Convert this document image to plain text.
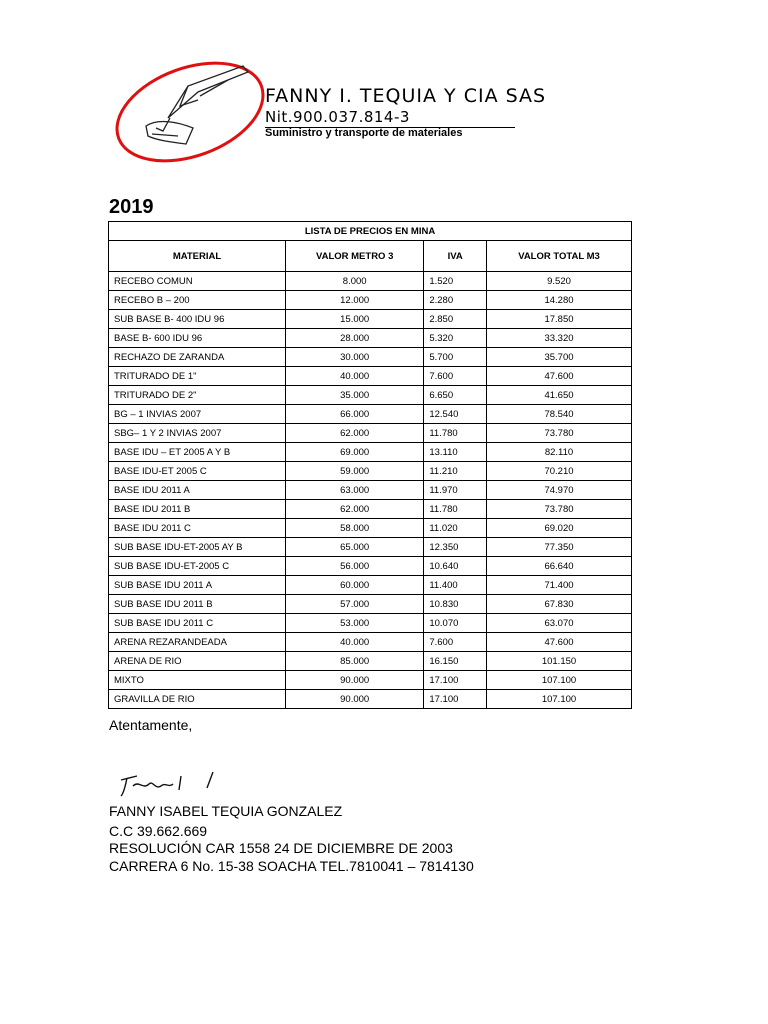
FANNY I. TEQUIA Y CIA SAS
Nit.900.037.814-3
Suministro y transporte de materiales
2019
LISTA DE PRECIOS EN MINA			
MATERIAL	VALOR METRO 3	IVA	VALOR TOTAL M3
RECEBO COMUN	8.000	1.520	9.520
RECEBO B – 200	12.000	2.280	14.280
SUB BASE B- 400 IDU 96	15.000	2.850	17.850
BASE B- 600 IDU 96	28.000	5.320	33.320
RECHAZO DE ZARANDA	30.000	5.700	35.700
TRITURADO DE 1"	40.000	7.600	47.600
TRITURADO DE 2"	35.000	6.650	41.650
BG – 1 INVIAS 2007	66.000	12.540	78.540
SBG– 1 Y 2 INVIAS 2007	62.000	11.780	73.780
BASE IDU – ET 2005 A Y B	69.000	13.110	82.110
BASE IDU-ET 2005 C	59.000	11.210	70.210
BASE IDU 2011 A	63.000	11.970	74.970
BASE IDU 2011 B	62.000	11.780	73.780
BASE IDU 2011 C	58.000	11.020	69.020
SUB BASE IDU-ET-2005 AY B	65.000	12.350	77.350
SUB BASE IDU-ET-2005 C	56.000	10.640	66.640
SUB BASE IDU 2011 A	60.000	11.400	71.400
SUB BASE IDU 2011 B	57.000	10.830	67.830
SUB BASE IDU 2011 C	53.000	10.070	63.070
ARENA REZARANDEADA	40.000	7.600	47.600
ARENA DE RIO	85.000	16.150	101.150
MIXTO	90.000	17.100	107.100
GRAVILLA DE RIO	90.000	17.100	107.100
Atentamente,
FANNY ISABEL TEQUIA GONZALEZ
C.C 39.662.669
RESOLUCIÓN CAR 1558 24 DE DICIEMBRE DE 2003
CARRERA 6 No. 15-38 SOACHA TEL.7810041 – 7814130
